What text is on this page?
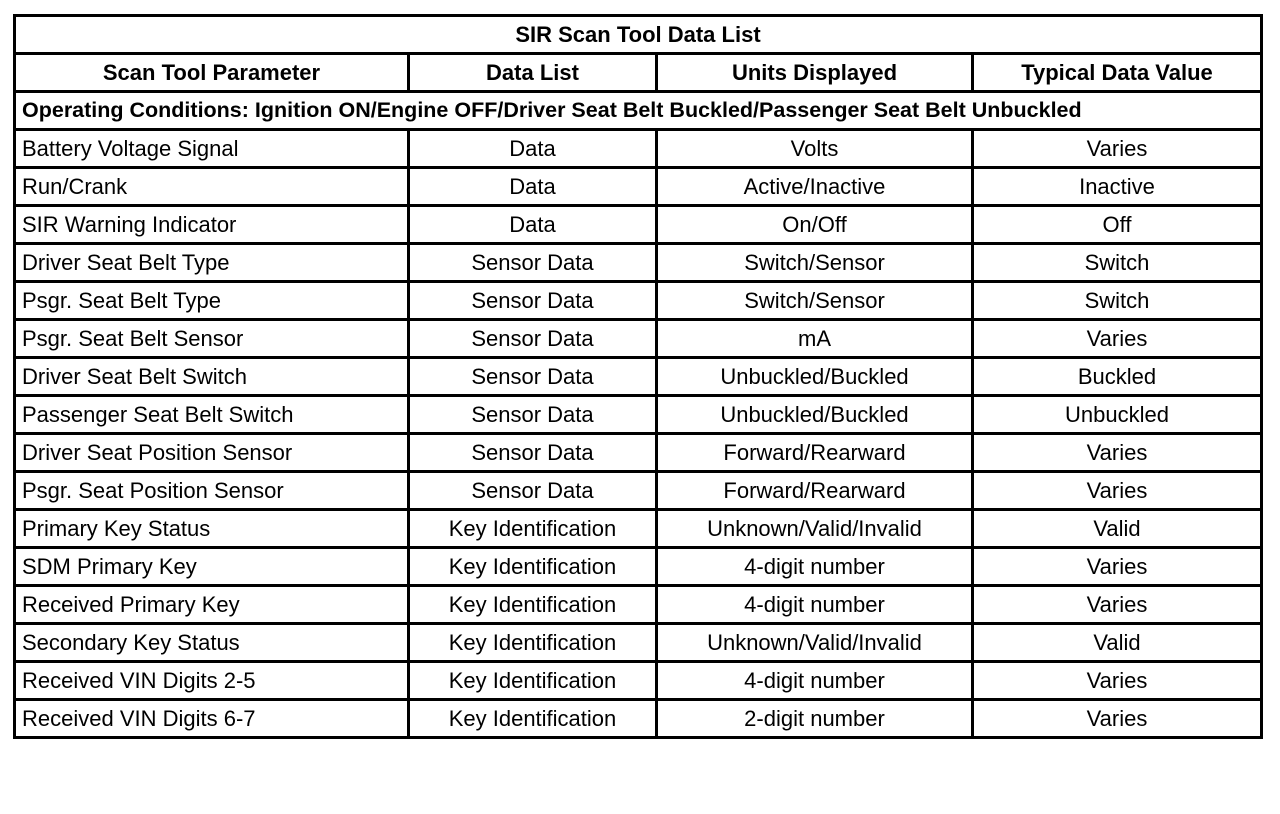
SIR Scan Tool Data List			
Scan Tool Parameter	Data List	Units Displayed	Typical Data Value
Operating Conditions: Ignition ON/Engine OFF/Driver Seat Belt Buckled/Passenger Seat Belt Unbuckled			
Battery Voltage Signal	Data	Volts	Varies
Run/Crank	Data	Active/Inactive	Inactive
SIR Warning Indicator	Data	On/Off	Off
Driver Seat Belt Type	Sensor Data	Switch/Sensor	Switch
Psgr. Seat Belt Type	Sensor Data	Switch/Sensor	Switch
Psgr. Seat Belt Sensor	Sensor Data	mA	Varies
Driver Seat Belt Switch	Sensor Data	Unbuckled/Buckled	Buckled
Passenger Seat Belt Switch	Sensor Data	Unbuckled/Buckled	Unbuckled
Driver Seat Position Sensor	Sensor Data	Forward/Rearward	Varies
Psgr. Seat Position Sensor	Sensor Data	Forward/Rearward	Varies
Primary Key Status	Key Identification	Unknown/Valid/Invalid	Valid
SDM Primary Key	Key Identification	4-digit number	Varies
Received Primary Key	Key Identification	4-digit number	Varies
Secondary Key Status	Key Identification	Unknown/Valid/Invalid	Valid
Received VIN Digits 2-5	Key Identification	4-digit number	Varies
Received VIN Digits 6-7	Key Identification	2-digit number	Varies
